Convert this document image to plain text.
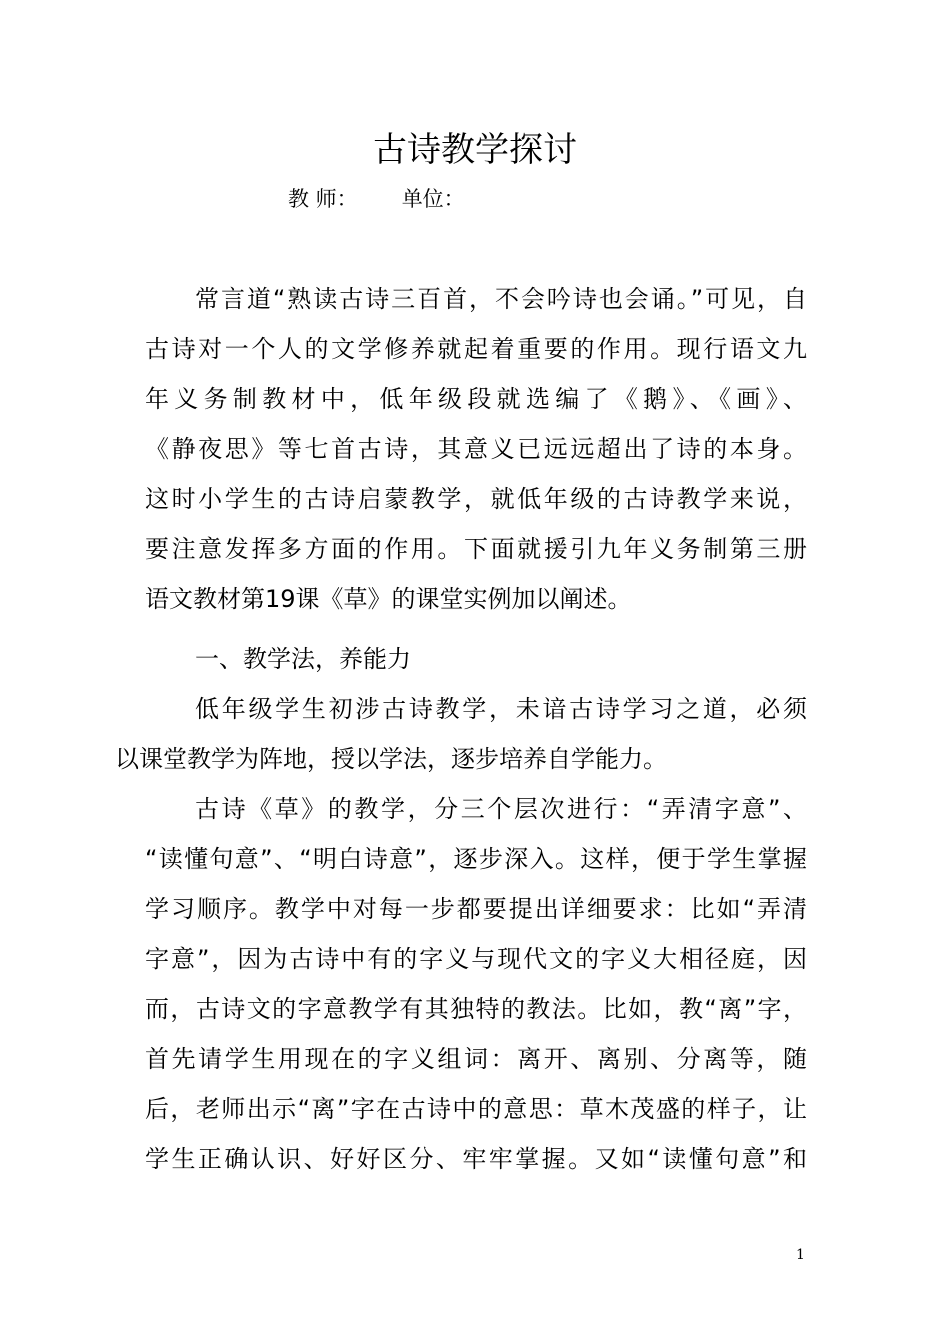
古诗教学探讨
教 师： 单位：
常言道“熟读古诗三百首，不会吟诗也会诵。”可见，自
古诗对一个人的文学修养就起着重要的作用。现行语文九
年义务制教材中，低年级段就选编了《鹅》、《画》、
《静夜思》等七首古诗，其意义已远远超出了诗的本身。
这时小学生的古诗启蒙教学，就低年级的古诗教学来说，
要注意发挥多方面的作用。下面就援引九年义务制第三册
语文教材第19课《草》的课堂实例加以阐述。
一、教学法，养能力
低年级学生初涉古诗教学，未谙古诗学习之道，必须
以课堂教学为阵地，授以学法，逐步培养自学能力。
古诗《草》的教学，分三个层次进行：“弄清字意”、
“读懂句意”、“明白诗意”，逐步深入。这样，便于学生掌握
学习顺序。教学中对每一步都要提出详细要求：比如“弄清
字意”，因为古诗中有的字义与现代文的字义大相径庭，因
而，古诗文的字意教学有其独特的教法。比如，教“离”字，
首先请学生用现在的字义组词：离开、离别、分离等，随
后，老师出示“离”字在古诗中的意思：草木茂盛的样子，让
学生正确认识、好好区分、牢牢掌握。又如“读懂句意”和
1
